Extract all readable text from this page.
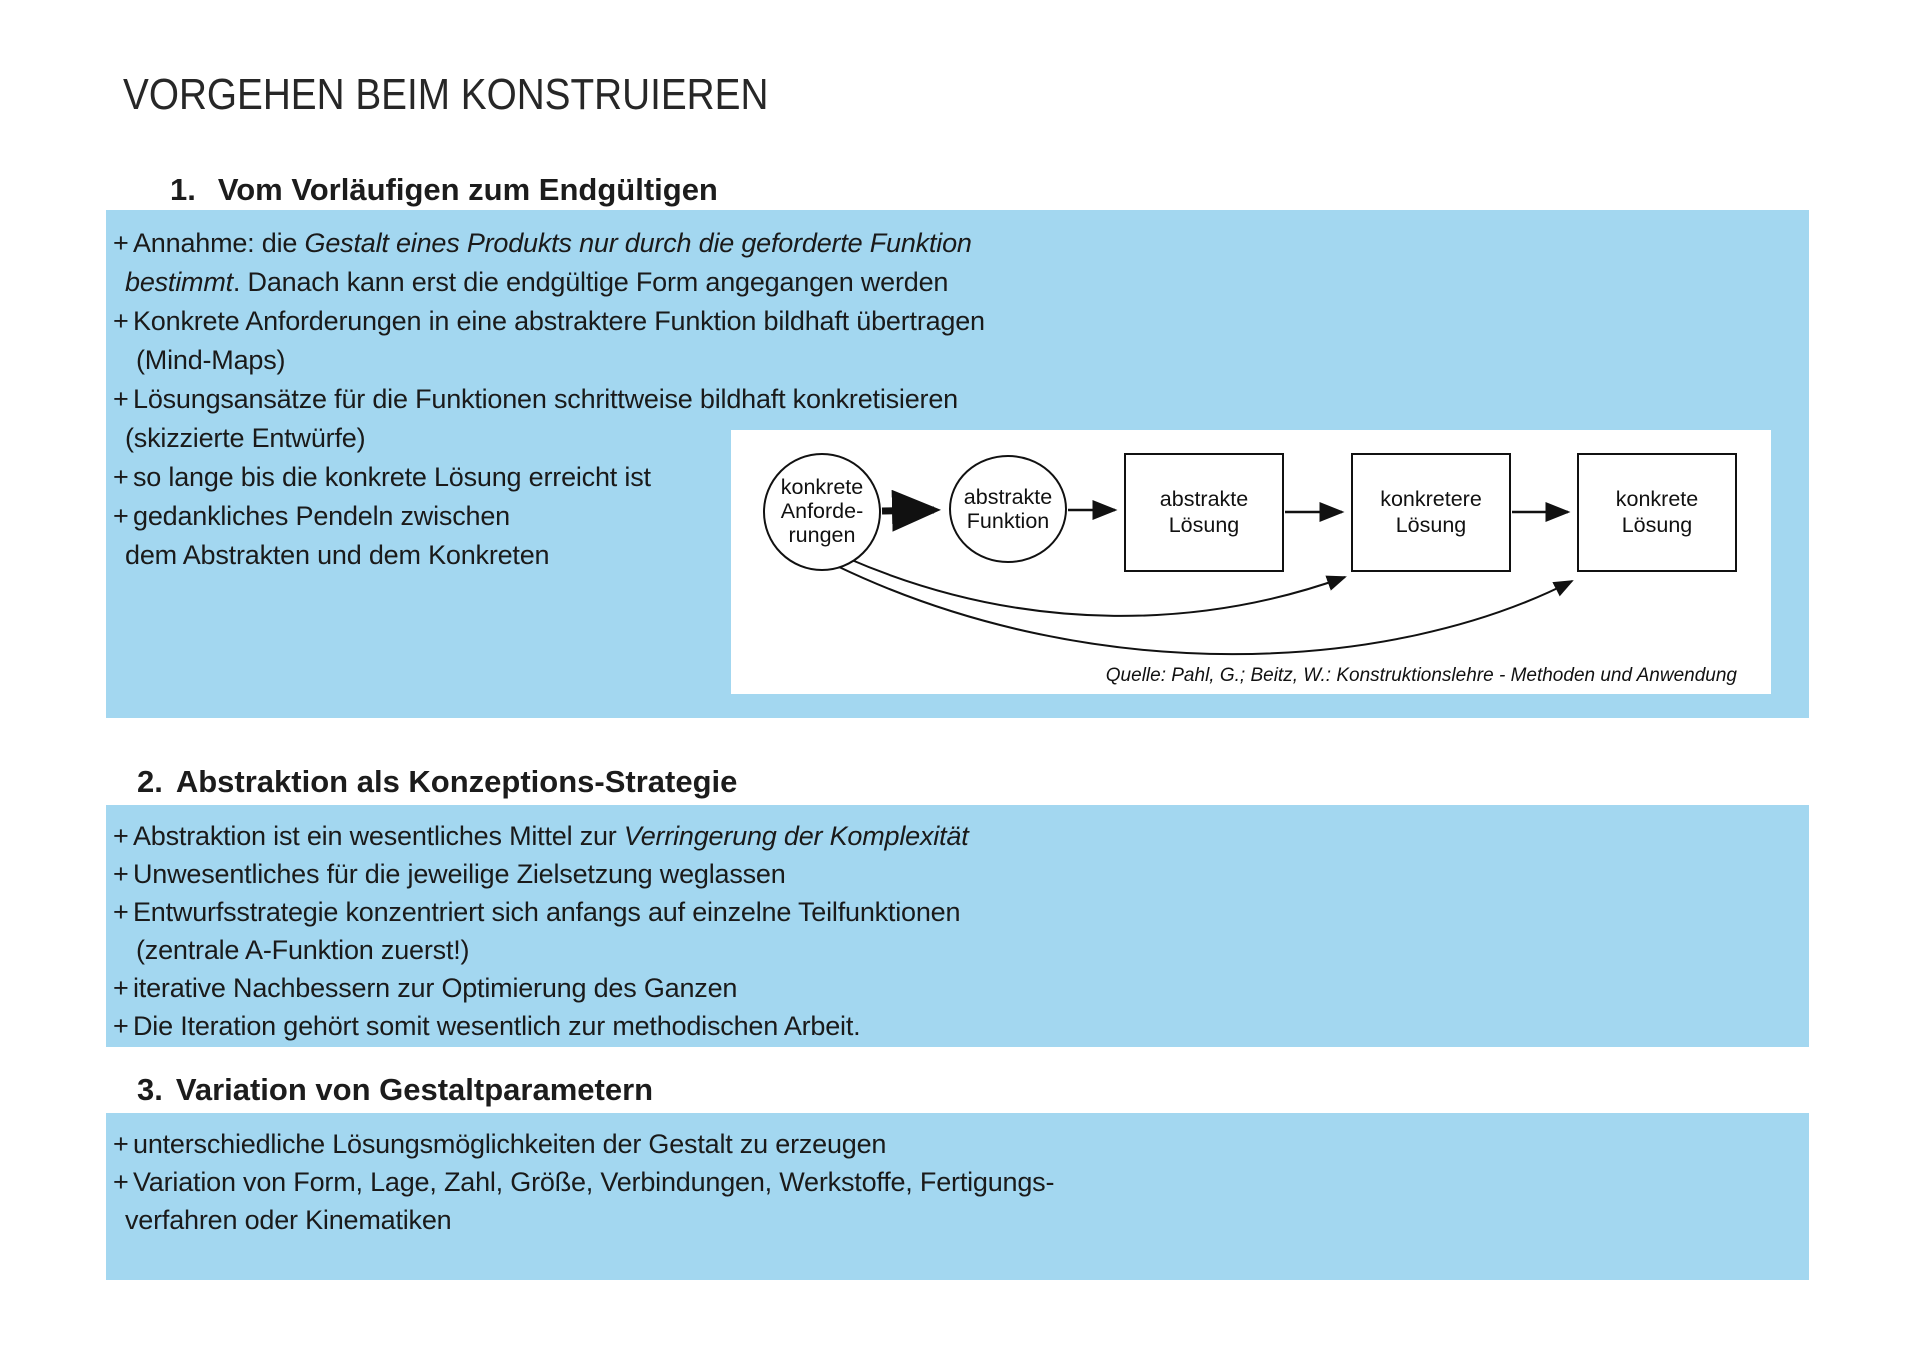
VORGEHEN BEIM KONSTRUIEREN
1. Vom Vorläufigen zum Endgültigen
+ Annahme: die Gestalt eines Produkts nur durch die geforderte Funktion
bestimmt. Danach kann erst die endgültige Form angegangen werden
+ Konkrete Anforderungen in eine abstraktere Funktion bildhaft übertragen
(Mind-Maps)
+ Lösungsansätze für die Funktionen schrittweise bildhaft konkretisieren
(skizzierte Entwürfe)
+ so lange bis die konkrete Lösung erreicht ist
+ gedankliches Pendeln zwischen
dem Abstrakten und dem Konkreten
konkrete
Anforde-
rungen
abstrakte
Funktion
abstrakte
Lösung
konkretere
Lösung
konkrete
Lösung
Quelle: Pahl, G.; Beitz, W.: Konstruktionslehre - Methoden und Anwendung
2. Abstraktion als Konzeptions-Strategie
+ Abstraktion ist ein wesentliches Mittel zur Verringerung der Komplexität
+ Unwesentliches für die jeweilige Zielsetzung weglassen
+ Entwurfsstrategie konzentriert sich anfangs auf einzelne Teilfunktionen
(zentrale A-Funktion zuerst!)
+ iterative Nachbessern zur Optimierung des Ganzen
+ Die Iteration gehört somit wesentlich zur methodischen Arbeit.
3. Variation von Gestaltparametern
+ unterschiedliche Lösungsmöglichkeiten der Gestalt zu erzeugen
+ Variation von Form, Lage, Zahl, Größe, Verbindungen, Werkstoffe, Fertigungs-
verfahren oder Kinematiken
